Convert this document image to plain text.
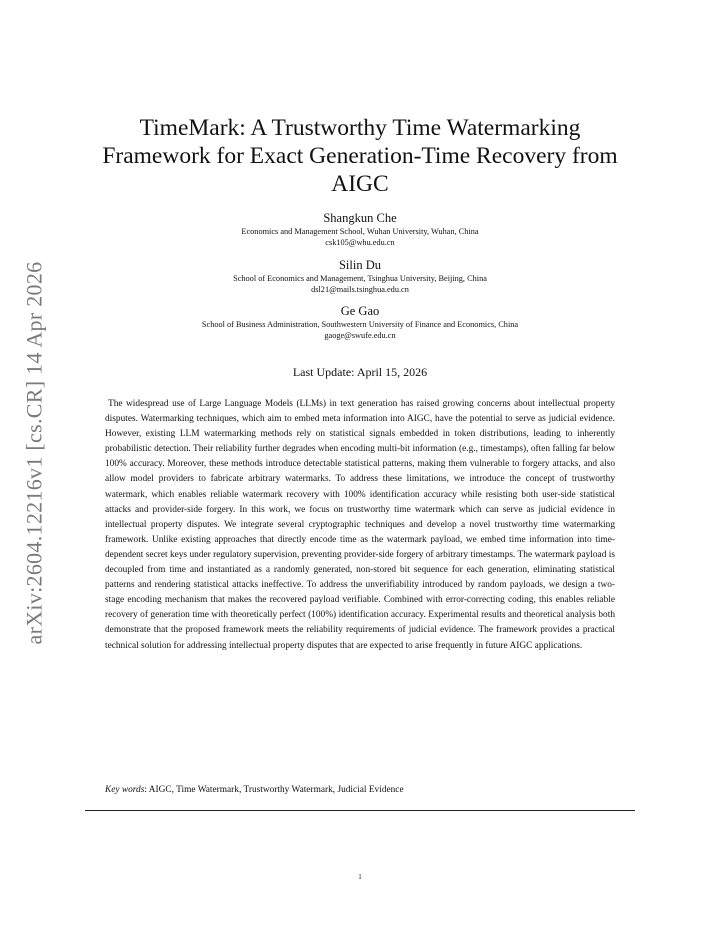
arXiv:2604.12216v1 [cs.CR] 14 Apr 2026
TimeMark: A Trustworthy Time Watermarking Framework for Exact Generation-Time Recovery from AIGC
Shangkun Che
Economics and Management School, Wuhan University, Wuhan, China
csk105@whu.edu.cn
Silin Du
School of Economics and Management, Tsinghua University, Beijing, China
dsl21@mails.tsinghua.edu.cn
Ge Gao
School of Business Administration, Southwestern University of Finance and Economics, China
gaoge@swufe.edu.cn
Last Update: April 15, 2026

The widespread use of Large Language Models (LLMs) in text generation has raised growing concerns about intellectual property disputes. Watermarking techniques, which aim to embed meta information into AIGC, have the potential to serve as judicial evidence. However, existing LLM watermarking methods rely on statistical signals embedded in token distributions, leading to inherently probabilistic detection. Their reliability further degrades when encoding multi-bit information (e.g., timestamps), often falling far below 100% accuracy. Moreover, these methods introduce detectable statistical patterns, making them vulnerable to forgery attacks, and also allow model providers to fabricate arbitrary watermarks. To address these limitations, we introduce the concept of trustworthy watermark, which enables reliable watermark recovery with 100% identification accuracy while resisting both user-side statistical attacks and provider-side forgery. In this work, we focus on trustworthy time watermark which can serve as judicial evidence in intellectual property disputes. We integrate several cryptographic techniques and develop a novel trustworthy time watermarking framework. Unlike existing approaches that directly encode time as the watermark payload, we embed time information into time-dependent secret keys under regulatory supervision, preventing provider-side forgery of arbitrary timestamps. The watermark payload is decoupled from time and instantiated as a randomly generated, non-stored bit sequence for each generation, eliminating statistical patterns and rendering statistical attacks ineffective. To address the unverifiability introduced by random payloads, we design a two-stage encoding mechanism that makes the recovered payload verifiable. Combined with error-correcting coding, this enables reliable recovery of generation time with theoretically perfect (100%) identification accuracy. Experimental results and theoretical analysis both demonstrate that the proposed framework meets the reliability requirements of judicial evidence. The framework provides a practical technical solution for addressing intellectual property disputes that are expected to arise frequently in future AIGC applications.

Key words: AIGC, Time Watermark, Trustworthy Watermark, Judicial Evidence
1
